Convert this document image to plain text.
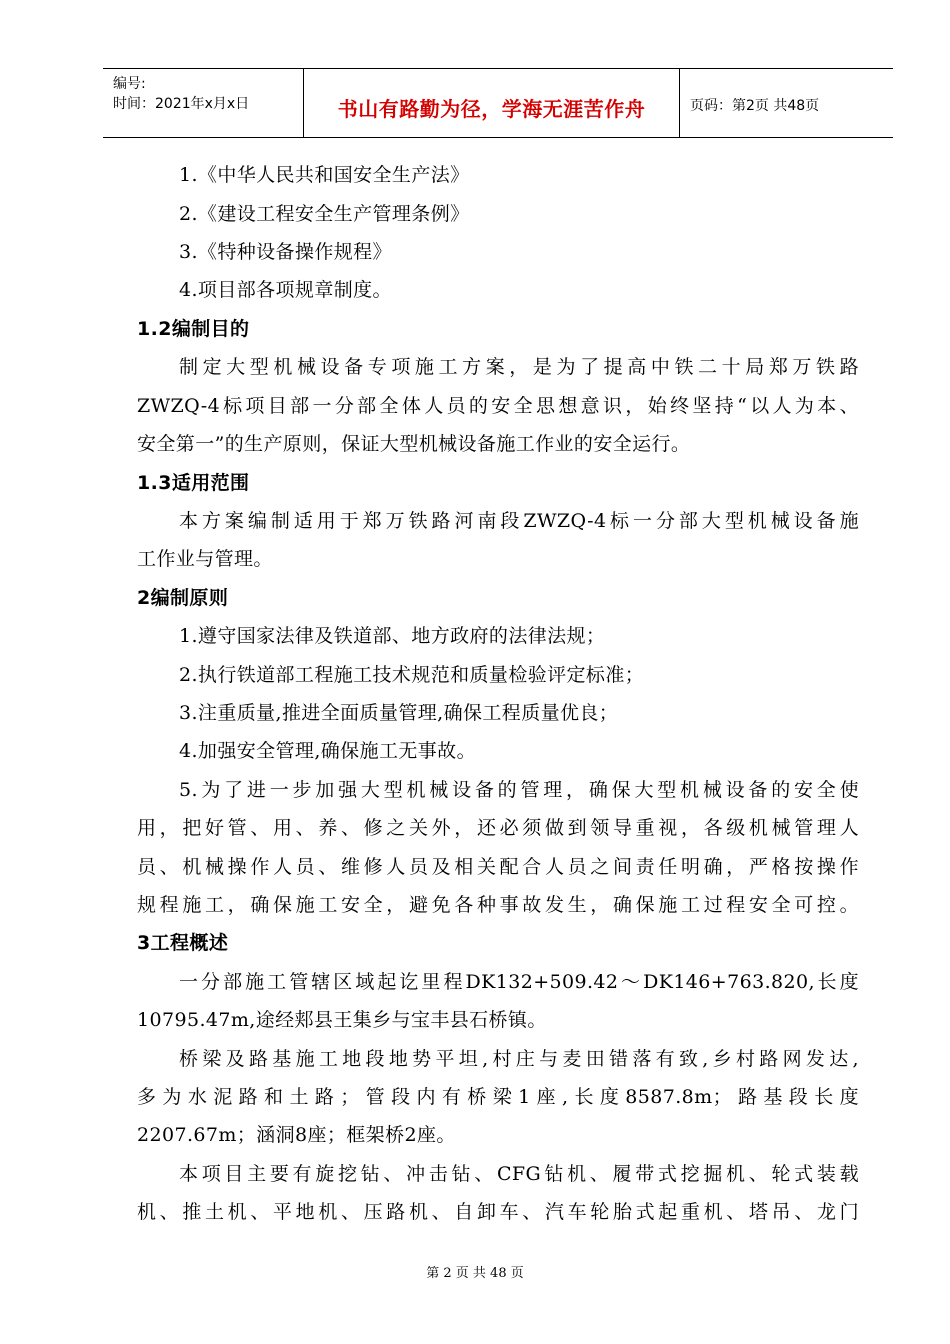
编号:
时间：2021年x月x日	书山有路勤为径，学海无涯苦作舟	页码：第2页 共48页
1.《中华人民共和国安全生产法》
2.《建设工程安全生产管理条例》
3.《特种设备操作规程》
4.项目部各项规章制度。
1.2编制目的
制定大型机械设备专项施工方案，是为了提高中铁二十局郑万铁路
ZWZQ-4标项目部一分部全体人员的安全思想意识，始终坚持“以人为本、
安全第一”的生产原则，保证大型机械设备施工作业的安全运行。
1.3适用范围
本方案编制适用于郑万铁路河南段ZWZQ-4标一分部大型机械设备施
工作业与管理。
2编制原则
1.遵守国家法律及铁道部、地方政府的法律法规；
2.执行铁道部工程施工技术规范和质量检验评定标准；
3.注重质量,推进全面质量管理,确保工程质量优良；
4.加强安全管理,确保施工无事故。
5.为了进一步加强大型机械设备的管理，确保大型机械设备的安全使
用，把好管、用、养、修之关外，还必须做到领导重视，各级机械管理人
员、机械操作人员、维修人员及相关配合人员之间责任明确，严格按操作
规程施工，确保施工安全，避免各种事故发生，确保施工过程安全可控。
3工程概述
一分部施工管辖区域起讫里程DK132+509.42～DK146+763.820,长度
10795.47m,途经郏县王集乡与宝丰县石桥镇。
桥梁及路基施工地段地势平坦,村庄与麦田错落有致,乡村路网发达,
多为水泥路和土路；管段内有桥梁1座,长度8587.8m；路基段长度
2207.67m；涵洞8座；框架桥2座。
本项目主要有旋挖钻、冲击钻、CFG钻机、履带式挖掘机、轮式装载
机、推土机、平地机、压路机、自卸车、汽车轮胎式起重机、塔吊、龙门
第 2 页 共 48 页
